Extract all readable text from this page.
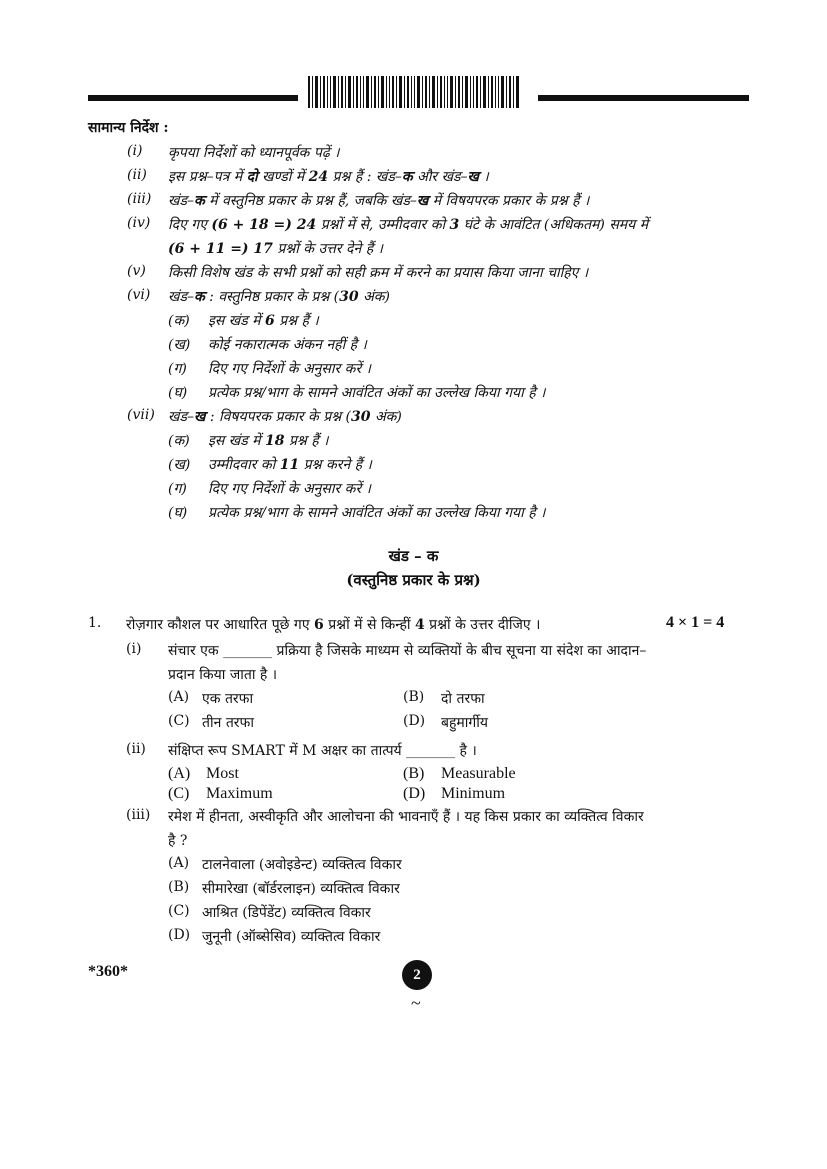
सामान्य निर्देश :
(i) कृपया निर्देशों को ध्यानपूर्वक पढ़ें ।
(ii) इस प्रश्न–पत्र में दो खण्डों में 24 प्रश्न हैं : खंड–क और खंड–ख ।
(iii) खंड–क में वस्तुनिष्ठ प्रकार के प्रश्न हैं, जबकि खंड–ख में विषयपरक प्रकार के प्रश्न हैं ।
(iv) दिए गए (6 + 18 =) 24 प्रश्नों में से, उम्मीदवार को 3 घंटे के आवंटित (अधिकतम) समय में
(6 + 11 =) 17 प्रश्नों के उत्तर देने हैं ।
(v) किसी विशेष खंड के सभी प्रश्नों को सही क्रम में करने का प्रयास किया जाना चाहिए ।
(vi) खंड–क : वस्तुनिष्ठ प्रकार के प्रश्न (30 अंक)
(क) इस खंड में 6 प्रश्न हैं ।
(ख) कोई नकारात्मक अंकन नहीं है ।
(ग) दिए गए निर्देशों के अनुसार करें ।
(घ) प्रत्येक प्रश्न/भाग के सामने आवंटित अंकों का उल्लेख किया गया है ।
(vii) खंड–ख : विषयपरक प्रकार के प्रश्न (30 अंक)
(क) इस खंड में 18 प्रश्न हैं ।
(ख) उम्मीदवार को 11 प्रश्न करने हैं ।
(ग) दिए गए निर्देशों के अनुसार करें ।
(घ) प्रत्येक प्रश्न/भाग के सामने आवंटित अंकों का उल्लेख किया गया है ।
खंड – क
(वस्तुनिष्ठ प्रकार के प्रश्न)
1. रोज़गार कौशल पर आधारित पूछे गए 6 प्रश्नों में से किन्हीं 4 प्रश्नों के उत्तर दीजिए ।	4 × 1 = 4
(i) संचार एक _______ प्रक्रिया है जिसके माध्यम से व्यक्तियों के बीच सूचना या संदेश का आदान–
प्रदान किया जाता है ।
(A) एक तरफा	(B) दो तरफा
(C) तीन तरफा	(D) बहुमार्गीय
(ii) संक्षिप्त रूप SMART में M अक्षर का तात्पर्य _______ है ।
(A) Most	(B) Measurable
(C) Maximum	(D) Minimum
(iii) रमेश में हीनता, अस्वीकृति और आलोचना की भावनाएँ हैं । यह किस प्रकार का व्यक्तित्व विकार
है ?
(A) टालनेवाला (अवोइडेन्ट) व्यक्तित्व विकार
(B) सीमारेखा (बॉर्डरलाइन) व्यक्तित्व विकार
(C) आश्रित (डिपेंडेंट) व्यक्तित्व विकार
(D) जुनूनी (ऑब्सेसिव) व्यक्तित्व विकार
*360*	2
~
